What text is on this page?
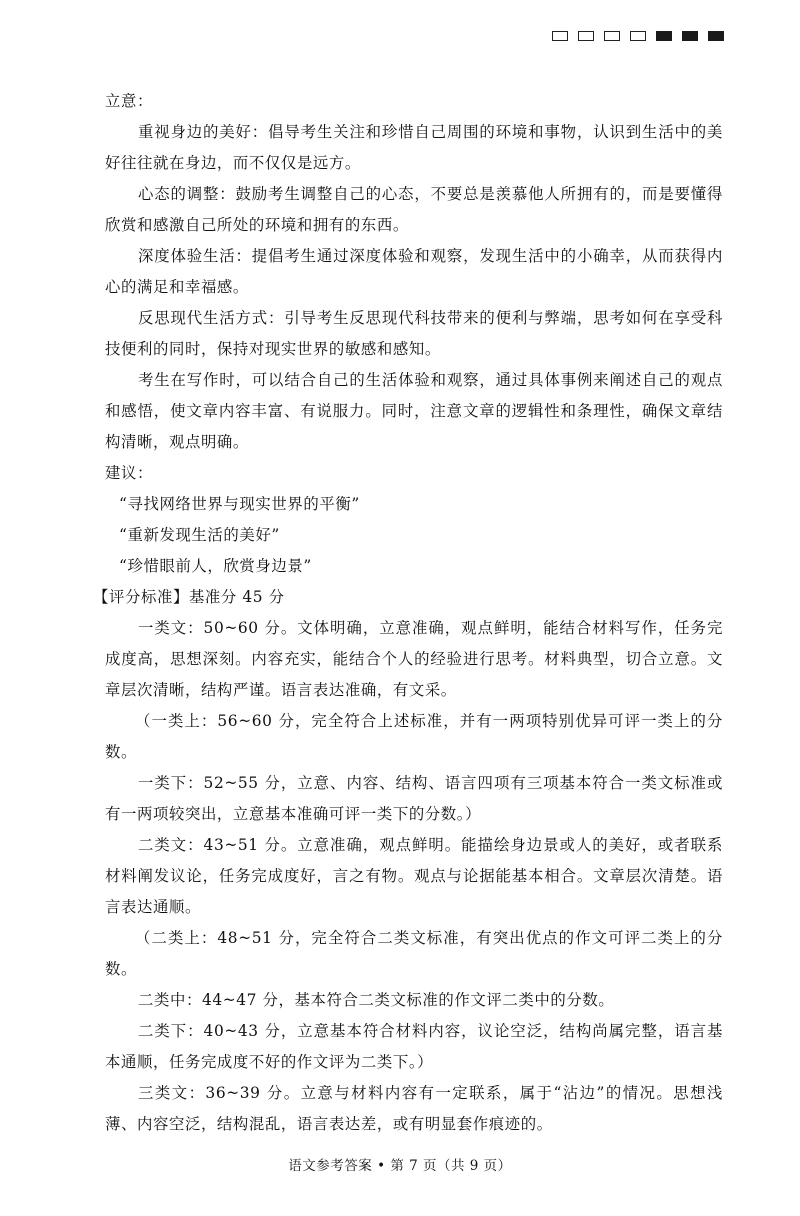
立意：

重视身边的美好：倡导考生关注和珍惜自己周围的环境和事物，认识到生活中的美好往往就在身边，而不仅仅是远方。

心态的调整：鼓励考生调整自己的心态，不要总是羡慕他人所拥有的，而是要懂得欣赏和感激自己所处的环境和拥有的东西。

深度体验生活：提倡考生通过深度体验和观察，发现生活中的小确幸，从而获得内心的满足和幸福感。

反思现代生活方式：引导考生反思现代科技带来的便利与弊端，思考如何在享受科技便利的同时，保持对现实世界的敏感和感知。

考生在写作时，可以结合自己的生活体验和观察，通过具体事例来阐述自己的观点和感悟，使文章内容丰富、有说服力。同时，注意文章的逻辑性和条理性，确保文章结构清晰，观点明确。

建议：

“寻找网络世界与现实世界的平衡”

“重新发现生活的美好”

“珍惜眼前人，欣赏身边景”

【评分标准】基准分 45 分

一类文：50~60 分。文体明确，立意准确，观点鲜明，能结合材料写作，任务完成度高，思想深刻。内容充实，能结合个人的经验进行思考。材料典型，切合立意。文章层次清晰，结构严谨。语言表达准确，有文采。

（一类上：56~60 分，完全符合上述标准，并有一两项特别优异可评一类上的分数。

一类下：52~55 分，立意、内容、结构、语言四项有三项基本符合一类文标准或有一两项较突出，立意基本准确可评一类下的分数。）

二类文：43~51 分。立意准确，观点鲜明。能描绘身边景或人的美好，或者联系材料阐发议论，任务完成度好，言之有物。观点与论据能基本相合。文章层次清楚。语言表达通顺。

（二类上：48~51 分，完全符合二类文标准，有突出优点的作文可评二类上的分数。

二类中：44~47 分，基本符合二类文标准的作文评二类中的分数。

二类下：40~43 分，立意基本符合材料内容，议论空泛，结构尚属完整，语言基本通顺，任务完成度不好的作文评为二类下。）

三类文：36~39 分。立意与材料内容有一定联系，属于“沾边”的情况。思想浅薄、内容空泛，结构混乱，语言表达差，或有明显套作痕迹的。

语文参考答案 • 第 7 页（共 9 页）
